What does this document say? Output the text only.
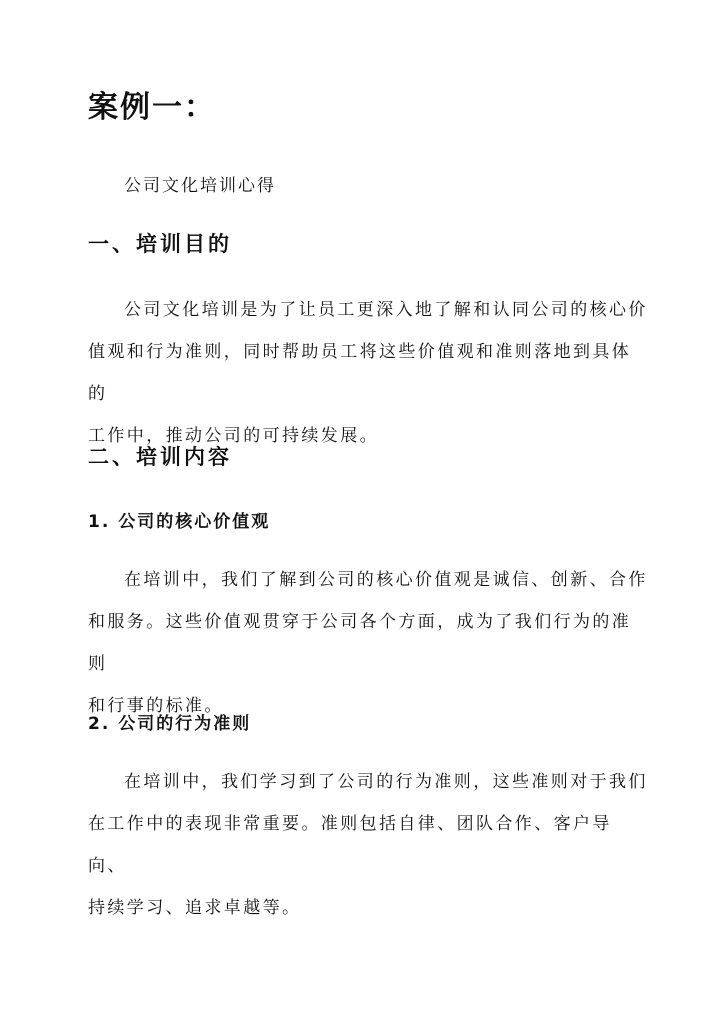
案例一：
公司文化培训心得
一、培训目的

公司文化培训是为了让员工更深入地了解和认同公司的核心价
值观和行为准则，同时帮助员工将这些价值观和准则落地到具体的
工作中，推动公司的可持续发展。

二、培训内容
1. 公司的核心价值观

在培训中，我们了解到公司的核心价值观是诚信、创新、合作
和服务。这些价值观贯穿于公司各个方面，成为了我们行为的准则
和行事的标准。

2. 公司的行为准则

在培训中，我们学习到了公司的行为准则，这些准则对于我们
在工作中的表现非常重要。准则包括自律、团队合作、客户导向、
持续学习、追求卓越等。
